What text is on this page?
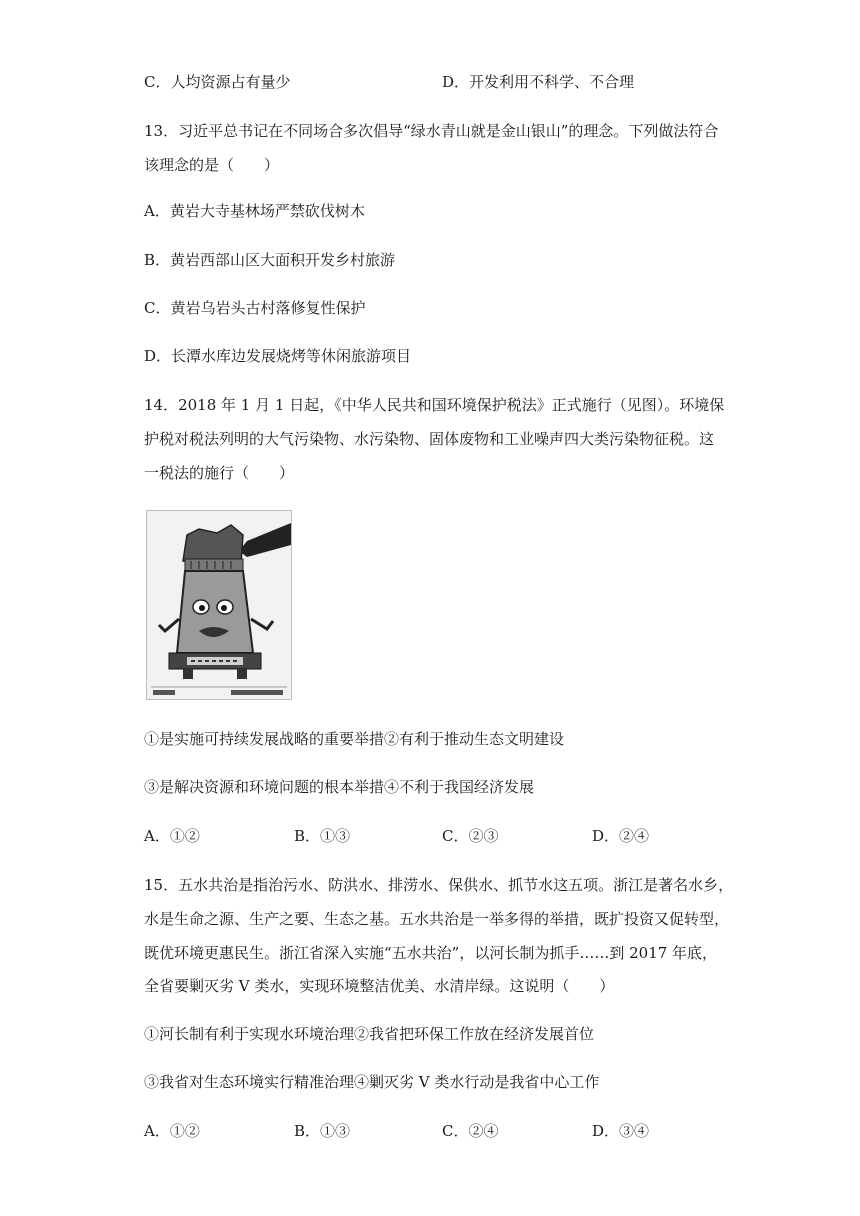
C．人均资源占有量少	D．开发利用不科学、不合理
13．习近平总书记在不同场合多次倡导“绿水青山就是金山银山”的理念。下列做法符合
该理念的是（　　）
A．黄岩大寺基林场严禁砍伐树木
B．黄岩西部山区大面积开发乡村旅游
C．黄岩乌岩头古村落修复性保护
D．长潭水库边发展烧烤等休闲旅游项目
14．2018 年 1 月 1 日起，《中华人民共和国环境保护税法》正式施行（见图）。环境保
护税对税法列明的大气污染物、水污染物、固体废物和工业噪声四大类污染物征税。这
一税法的施行（　　）
①是实施可持续发展战略的重要举措②有利于推动生态文明建设
③是解决资源和环境问题的根本举措④不利于我国经济发展
A．①②	B．①③	C．②③	D．②④
15．五水共治是指治污水、防洪水、排涝水、保供水、抓节水这五项。浙江是著名水乡，
水是生命之源、生产之要、生态之基。五水共治是一举多得的举措，既扩投资又促转型，
既优环境更惠民生。浙江省深入实施“五水共治”，以河长制为抓手……到 2017 年底，
全省要剿灭劣 V 类水，实现环境整洁优美、水清岸绿。这说明（　　）
①河长制有利于实现水环境治理②我省把环保工作放在经济发展首位
③我省对生态环境实行精准治理④剿灭劣 V 类水行动是我省中心工作
A．①②	B．①③	C．②④	D．③④
